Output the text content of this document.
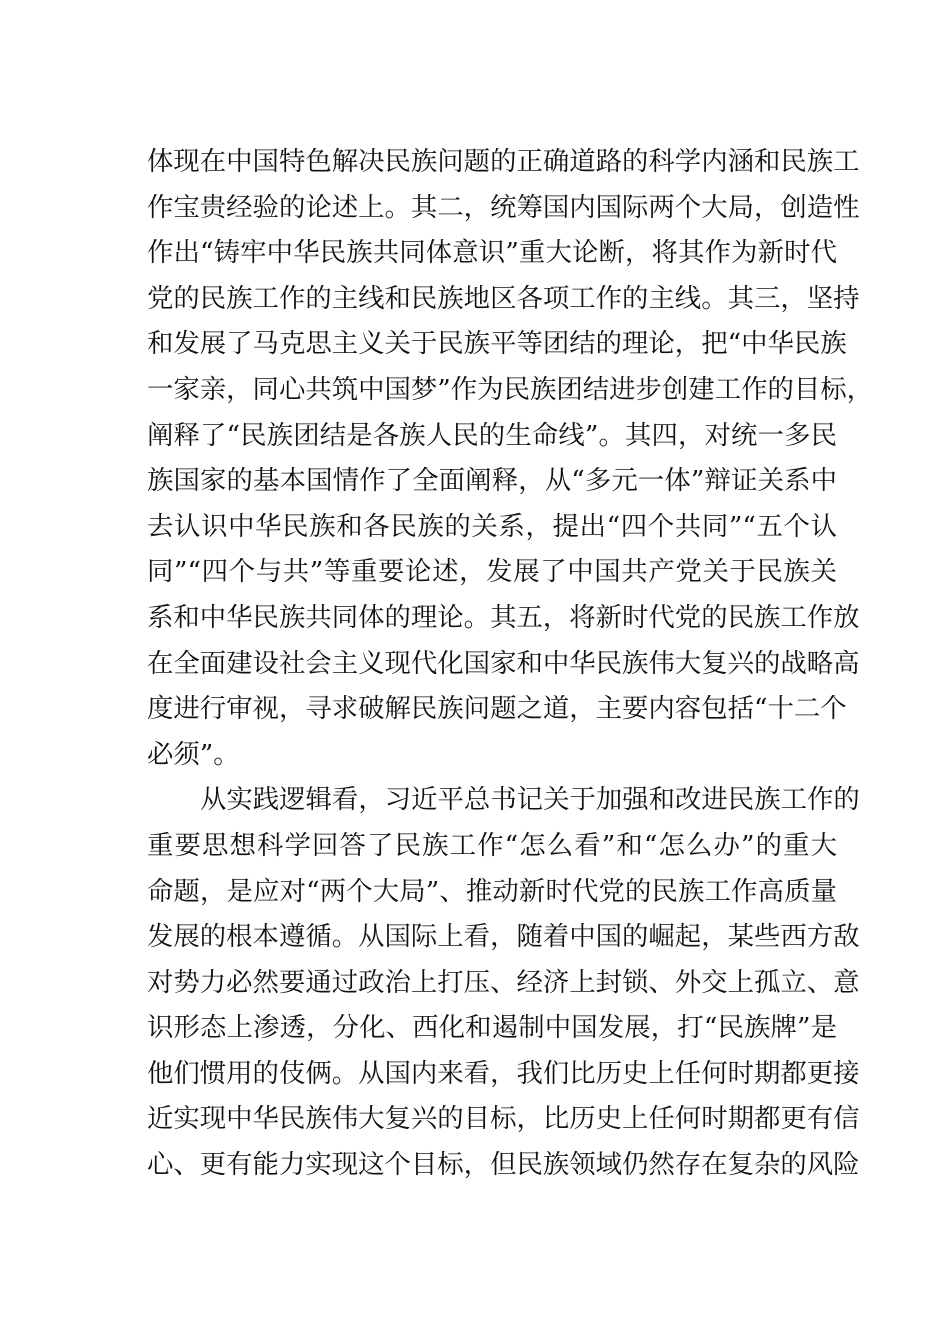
体现在中国特色解决民族问题的正确道路的科学内涵和民族工
作宝贵经验的论述上。其二，统筹国内国际两个大局，创造性
作出“铸牢中华民族共同体意识”重大论断，将其作为新时代
党的民族工作的主线和民族地区各项工作的主线。其三，坚持
和发展了马克思主义关于民族平等团结的理论，把“中华民族
一家亲，同心共筑中国梦”作为民族团结进步创建工作的目标，
阐释了“民族团结是各族人民的生命线”。其四，对统一多民
族国家的基本国情作了全面阐释，从“多元一体”辩证关系中
去认识中华民族和各民族的关系，提出“四个共同”“五个认
同”“四个与共”等重要论述，发展了中国共产党关于民族关
系和中华民族共同体的理论。其五，将新时代党的民族工作放
在全面建设社会主义现代化国家和中华民族伟大复兴的战略高
度进行审视，寻求破解民族问题之道，主要内容包括“十二个
必须”。
从实践逻辑看，习近平总书记关于加强和改进民族工作的
重要思想科学回答了民族工作“怎么看”和“怎么办”的重大
命题，是应对“两个大局”、推动新时代党的民族工作高质量
发展的根本遵循。从国际上看，随着中国的崛起，某些西方敌
对势力必然要通过政治上打压、经济上封锁、外交上孤立、意
识形态上渗透，分化、西化和遏制中国发展，打“民族牌”是
他们惯用的伎俩。从国内来看，我们比历史上任何时期都更接
近实现中华民族伟大复兴的目标，比历史上任何时期都更有信
心、更有能力实现这个目标，但民族领域仍然存在复杂的风险
